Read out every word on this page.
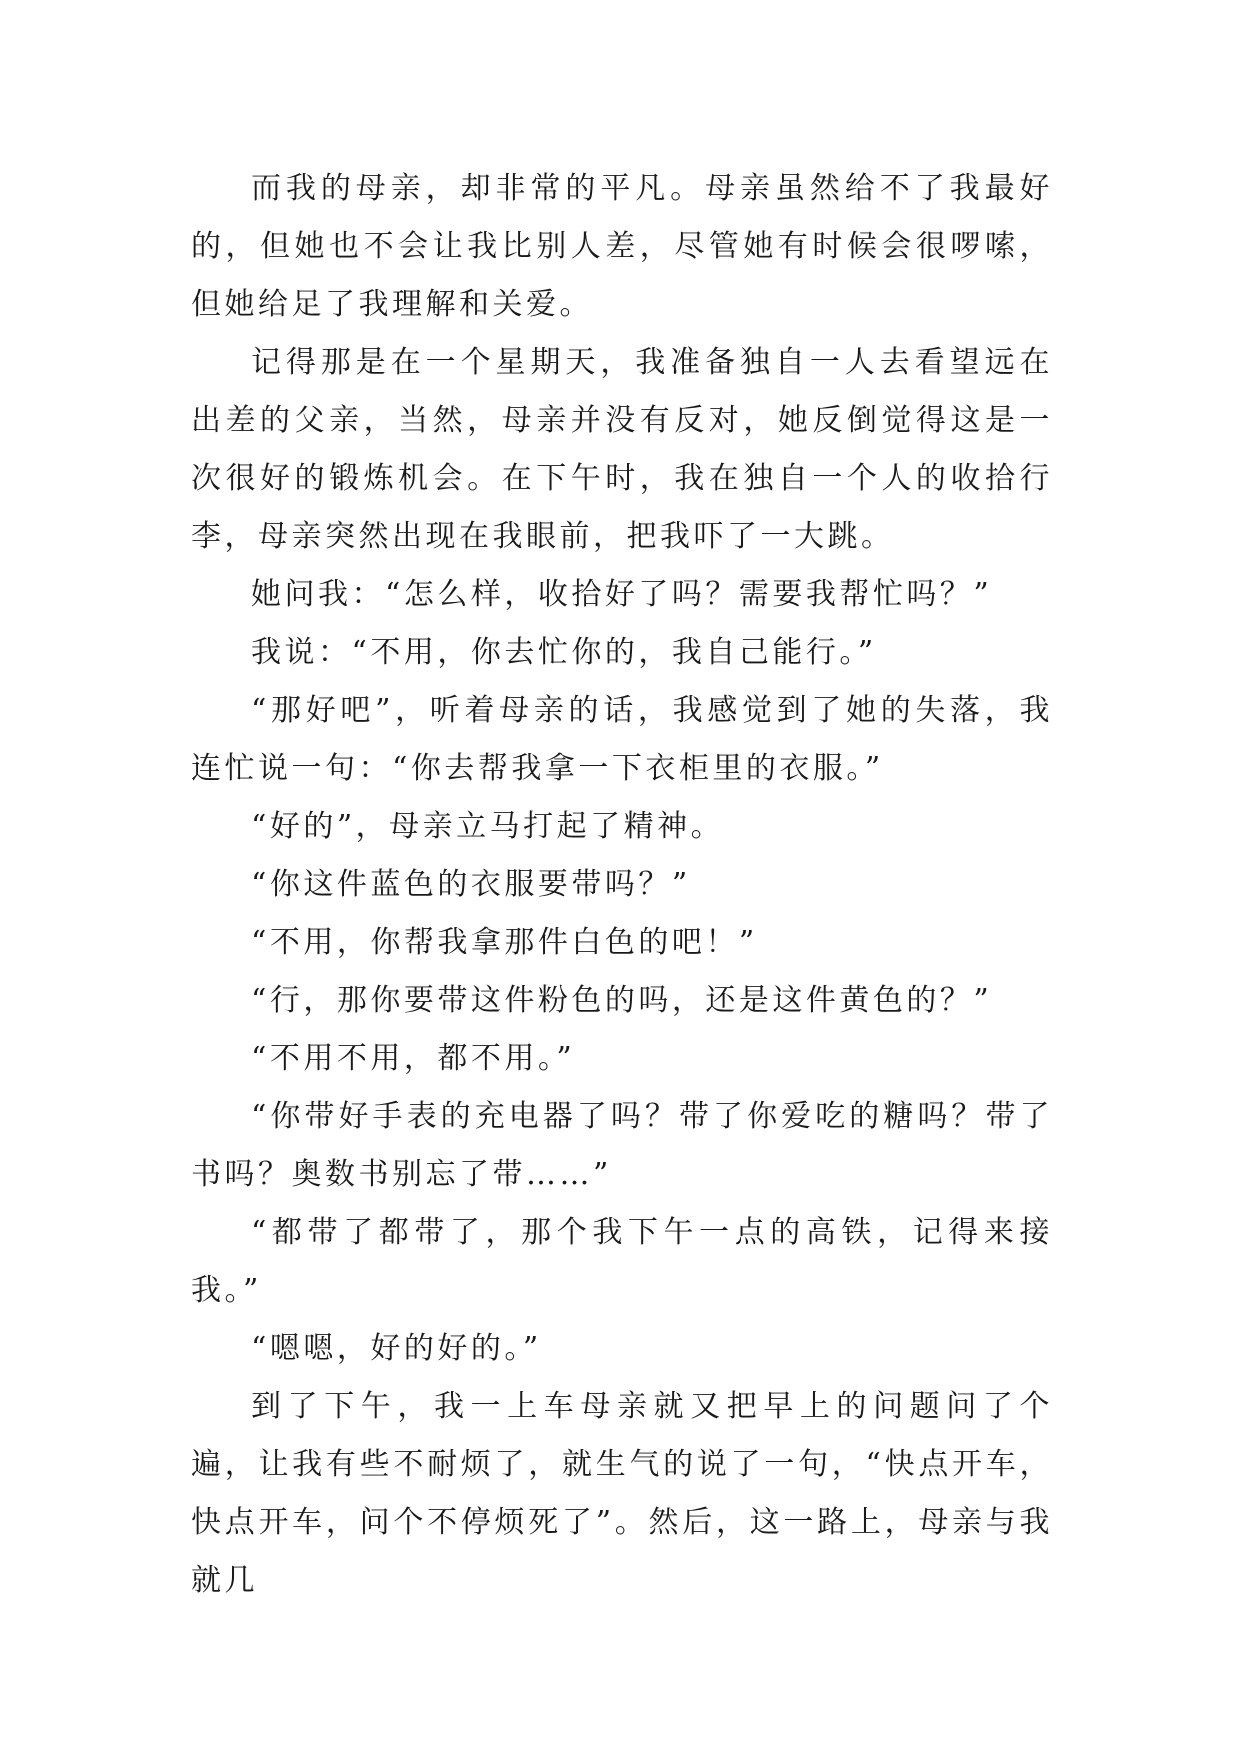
而我的母亲，却非常的平凡。母亲虽然给不了我最好的，但她也不会让我比别人差，尽管她有时候会很啰嗦，但她给足了我理解和关爱。

记得那是在一个星期天，我准备独自一人去看望远在出差的父亲，当然，母亲并没有反对，她反倒觉得这是一次很好的锻炼机会。在下午时，我在独自一个人的收拾行李，母亲突然出现在我眼前，把我吓了一大跳。

她问我：“怎么样，收拾好了吗？需要我帮忙吗？”

我说：“不用，你去忙你的，我自己能行。”

“那好吧”，听着母亲的话，我感觉到了她的失落，我连忙说一句：“你去帮我拿一下衣柜里的衣服。”

“好的”，母亲立马打起了精神。

“你这件蓝色的衣服要带吗？”

“不用，你帮我拿那件白色的吧！”

“行，那你要带这件粉色的吗，还是这件黄色的？”

“不用不用，都不用。”

“你带好手表的充电器了吗？带了你爱吃的糖吗？带了书吗？奥数书别忘了带……”

“都带了都带了，那个我下午一点的高铁，记得来接我。”

“嗯嗯，好的好的。”

到了下午，我一上车母亲就又把早上的问题问了个遍，让我有些不耐烦了，就生气的说了一句，“快点开车，快点开车，问个不停烦死了”。然后，这一路上，母亲与我就几
